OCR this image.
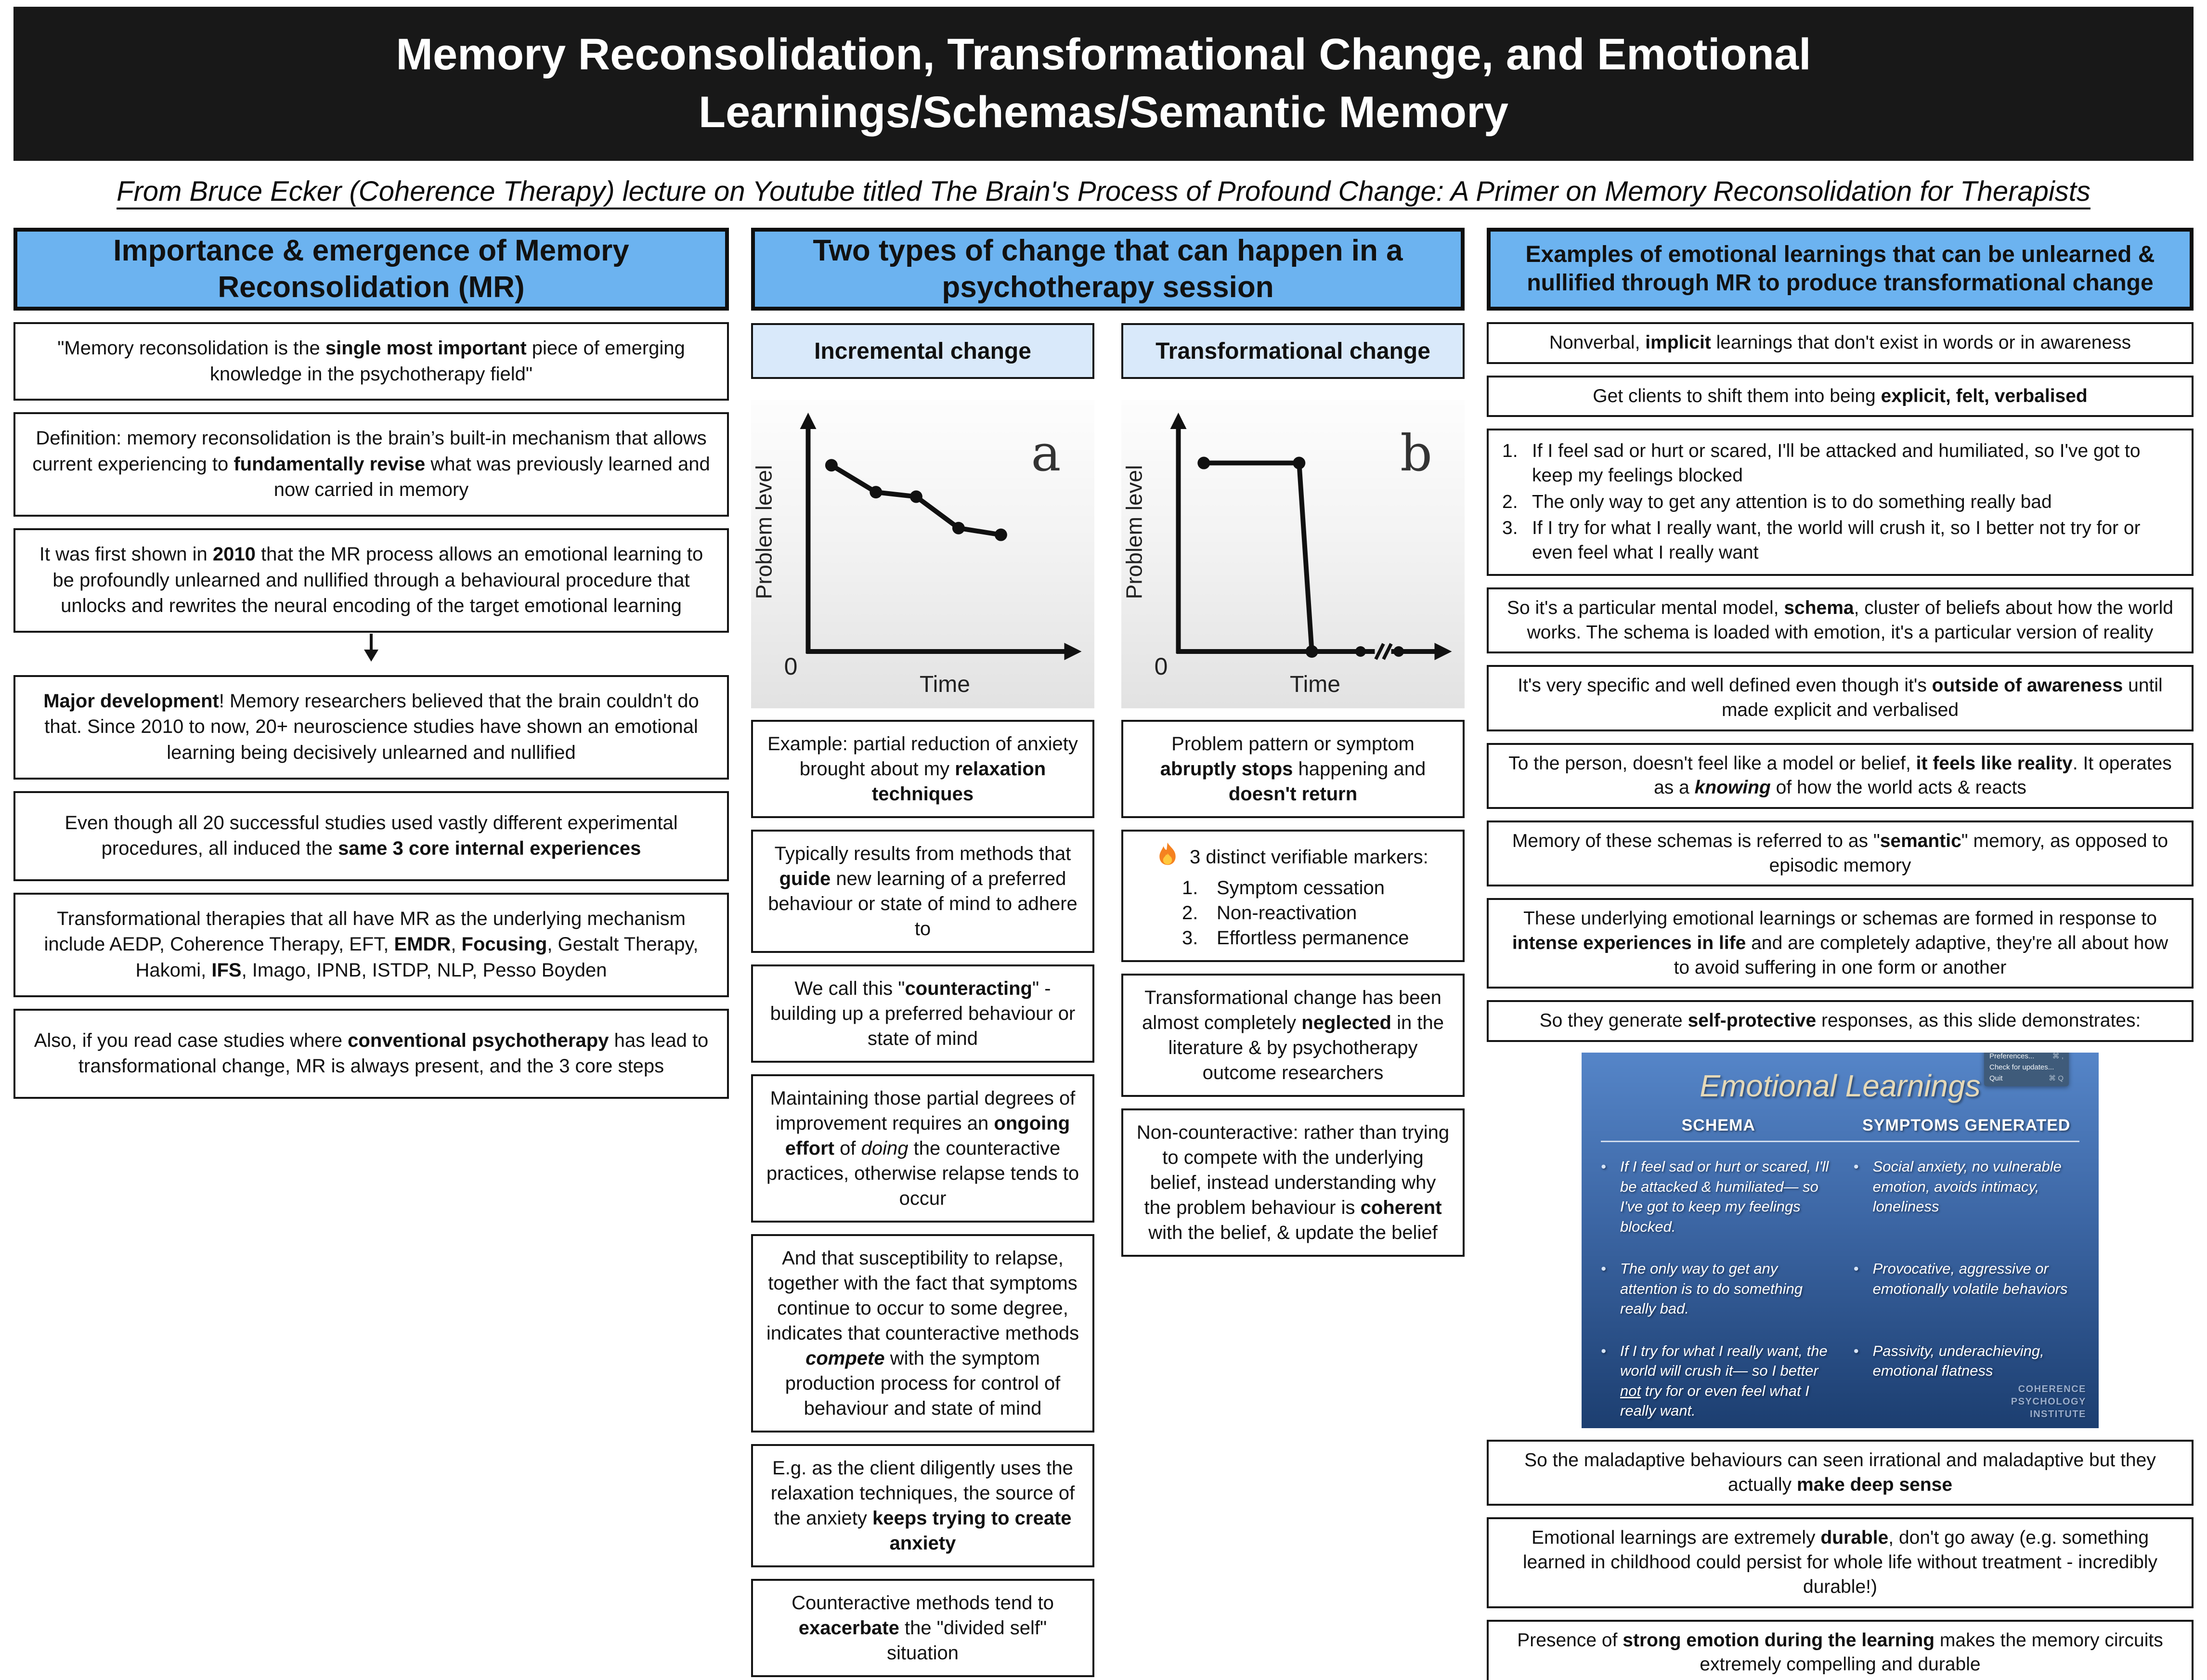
Memory Reconsolidation, Transformational Change, and Emotional
Learnings/Schemas/Semantic Memory
From Bruce Ecker (Coherence Therapy) lecture on Youtube titled The Brain's Process of Profound Change: A Primer on Memory Reconsolidation for Therapists
Importance & emergence of Memory Reconsolidation (MR)
"Memory reconsolidation is the single most important piece of emerging knowledge in the psychotherapy field"
Definition: memory reconsolidation is the brain’s built-in mechanism that allows current experiencing to fundamentally revise what was previously learned and now carried in memory
It was first shown in 2010 that the MR process allows an emotional learning to be profoundly unlearned and nullified through a behavioural procedure that unlocks and rewrites the neural encoding of the target emotional learning
Major development! Memory researchers believed that the brain couldn't do that. Since 2010 to now, 20+ neuroscience studies have shown an emotional learning being decisively unlearned and nullified
Even though all 20 successful studies used vastly different experimental procedures, all induced the same 3 core internal experiences
Transformational therapies that all have MR as the underlying mechanism include AEDP, Coherence Therapy, EFT, EMDR, Focusing, Gestalt Therapy, Hakomi, IFS, Imago, IPNB, ISTDP, NLP, Pesso Boyden
Also, if you read case studies where conventional psychotherapy has lead to transformational change, MR is always present, and the 3 core steps
Two types of change that can happen in a psychotherapy session
Incremental change
Problem level
Time
0
a
Example: partial reduction of anxiety brought about my relaxation techniques
Typically results from methods that guide new learning of a preferred behaviour or state of mind to adhere to
We call this "counteracting" - building up a preferred behaviour or state of mind
Maintaining those partial degrees of improvement requires an ongoing effort of doing the counteractive practices, otherwise relapse tends to occur
And that susceptibility to relapse, together with the fact that symptoms continue to occur to some degree, indicates that counteractive methods compete with the symptom production process for control of behaviour and state of mind
E.g. as the client diligently uses the relaxation techniques, the source of the anxiety keeps trying to create anxiety
Counteractive methods tend to exacerbate the "divided self" situation
Transformational change
Problem level
Time
0
b
Problem pattern or symptom abruptly stops happening and doesn't return
3 distinct verifiable markers:
1. Symptom cessation
2. Non-reactivation
3. Effortless permanence
Transformational change has been almost completely neglected in the literature & by psychotherapy outcome researchers
Non-counteractive: rather than trying to compete with the underlying belief, instead understanding why the problem behaviour is coherent with the belief, & update the belief
Examples of emotional learnings that can be unlearned & nullified through MR to produce transformational change
Nonverbal, implicit learnings that don't exist in words or in awareness
Get clients to shift them into being explicit, felt, verbalised
1. If I feel sad or hurt or scared, I'll be attacked and humiliated, so I've got to keep my feelings blocked
2. The only way to get any attention is to do something really bad
3. If I try for what I really want, the world will crush it, so I better not try for or even feel what I really want
So it's a particular mental model, schema, cluster of beliefs about how the world works. The schema is loaded with emotion, it's a particular version of reality
It's very specific and well defined even though it's outside of awareness until made explicit and verbalised
To the person, doesn't feel like a model or belief, it feels like reality. It operates as a knowing of how the world acts & reacts
Memory of these schemas is referred to as "semantic" memory, as opposed to episodic memory
These underlying emotional learnings or schemas are formed in response to intense experiences in life and are completely adaptive, they're all about how to avoid suffering in one form or another
So they generate self-protective responses, as this slide demonstrates:
Preferences... ⌘ ,
Check for updates...
Quit	⌘ Q
Emotional Learnings
SCHEMA	SYMPTOMS GENERATED
• If I feel sad or hurt or scared, I'll be attacked & humiliated— so I've got to keep my feelings blocked.
• Social anxiety, no vulnerable emotion, avoids intimacy, loneliness
• The only way to get any attention is to do something really bad.
• Provocative, aggressive or emotionally volatile behaviors
• If I try for what I really want, the world will crush it— so I better not try for or even feel what I really want.
• Passivity, underachieving, emotional flatness
COHERENCE
PSYCHOLOGY
INSTITUTE
So the maladaptive behaviours can seen irrational and maladaptive but they actually make deep sense
Emotional learnings are extremely durable, don't go away (e.g. something learned in childhood could persist for whole life without treatment - incredibly durable!)
Presence of strong emotion during the learning makes the memory circuits extremely compelling and durable
